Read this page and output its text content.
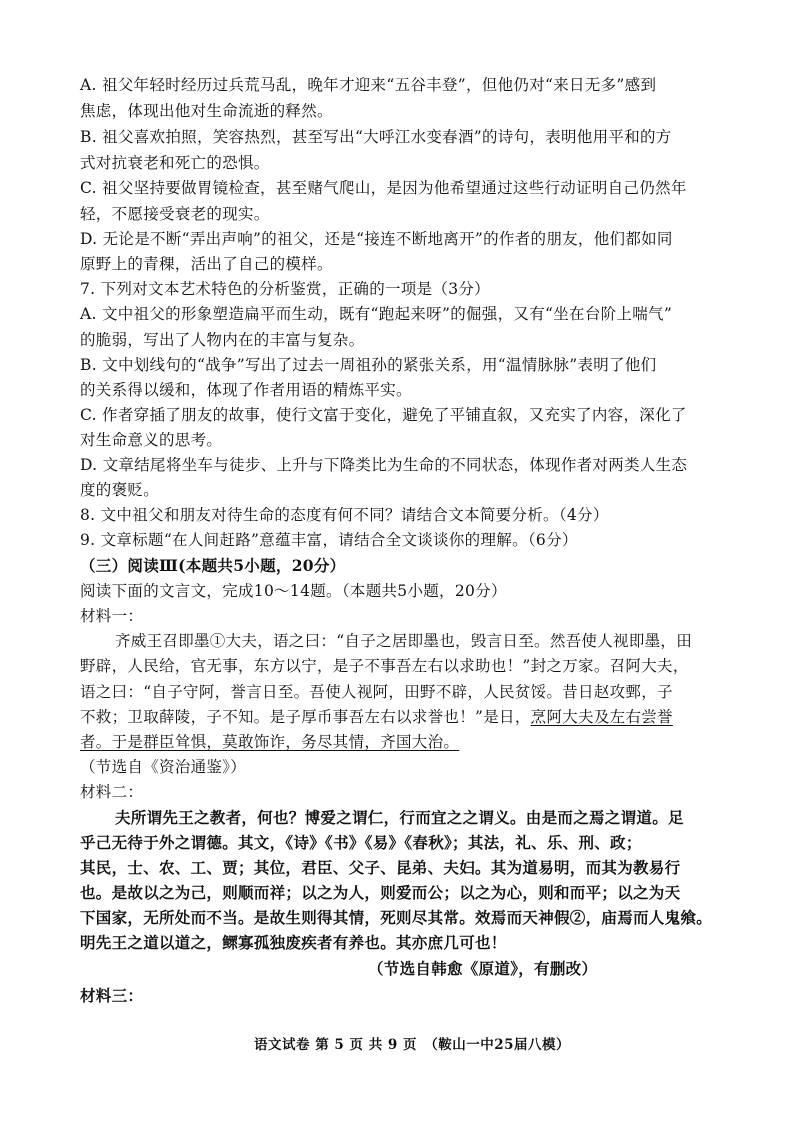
A. 祖父年轻时经历过兵荒马乱，晚年才迎来“五谷丰登”，但他仍对“来日无多”感到
焦虑，体现出他对生命流逝的释然。
B. 祖父喜欢拍照，笑容热烈，甚至写出“大呼江水变春酒”的诗句，表明他用平和的方
式对抗衰老和死亡的恐惧。
C. 祖父坚持要做胃镜检查，甚至赌气爬山，是因为他希望通过这些行动证明自己仍然年
轻，不愿接受衰老的现实。
D. 无论是不断“弄出声响”的祖父，还是“接连不断地离开”的作者的朋友，他们都如同
原野上的青稞，活出了自己的模样。
7. 下列对文本艺术特色的分析鉴赏，正确的一项是（3分）
A. 文中祖父的形象塑造扁平而生动，既有“跑起来呀”的倔强，又有“坐在台阶上喘气”
的脆弱，写出了人物内在的丰富与复杂。
B. 文中划线句的“战争”写出了过去一周祖孙的紧张关系，用“温情脉脉”表明了他们
的关系得以缓和，体现了作者用语的精炼平实。
C. 作者穿插了朋友的故事，使行文富于变化，避免了平铺直叙，又充实了内容，深化了
对生命意义的思考。
D. 文章结尾将坐车与徒步、上升与下降类比为生命的不同状态，体现作者对两类人生态
度的褒贬。
8. 文中祖父和朋友对待生命的态度有何不同？请结合文本简要分析。（4分）
9. 文章标题“在人间赶路”意蕴丰富，请结合全文谈谈你的理解。（6分）
（三）阅读Ⅲ(本题共5小题，20分）
阅读下面的文言文，完成10～14题。（本题共5小题，20分）
材料一：
齐威王召即墨①大夫，语之曰：“自子之居即墨也，毁言日至。然吾使人视即墨，田
野辟，人民给，官无事，东方以宁，是子不事吾左右以求助也！”封之万家。召阿大夫，
语之曰：“自子守阿，誉言日至。吾使人视阿，田野不辟，人民贫馁。昔日赵攻鄄，子
不救；卫取薛陵，子不知。是子厚币事吾左右以求誉也！”是日，烹阿大夫及左右尝誉
者。于是群臣耸惧，莫敢饰诈，务尽其情，齐国大治。
（节选自《资治通鉴》）
材料二：
夫所谓先王之教者，何也？博爱之谓仁，行而宜之之谓义。由是而之焉之谓道。足
乎己无待于外之谓德。其文，《诗》《书》《易》《春秋》；其法，礼、乐、刑、政；
其民，士、农、工、贾；其位，君臣、父子、昆弟、夫妇。其为道易明，而其为教易行
也。是故以之为己，则顺而祥；以之为人，则爱而公；以之为心，则和而平；以之为天
下国家，无所处而不当。是故生则得其情，死则尽其常。效焉而天神假②，庙焉而人鬼飨。
明先王之道以道之，鳏寡孤独废疾者有养也。其亦庶几可也！
（节选自韩愈《原道》，有删改）
材料三：
语文试卷 第 5 页 共 9 页　（鞍山一中25届八模）
